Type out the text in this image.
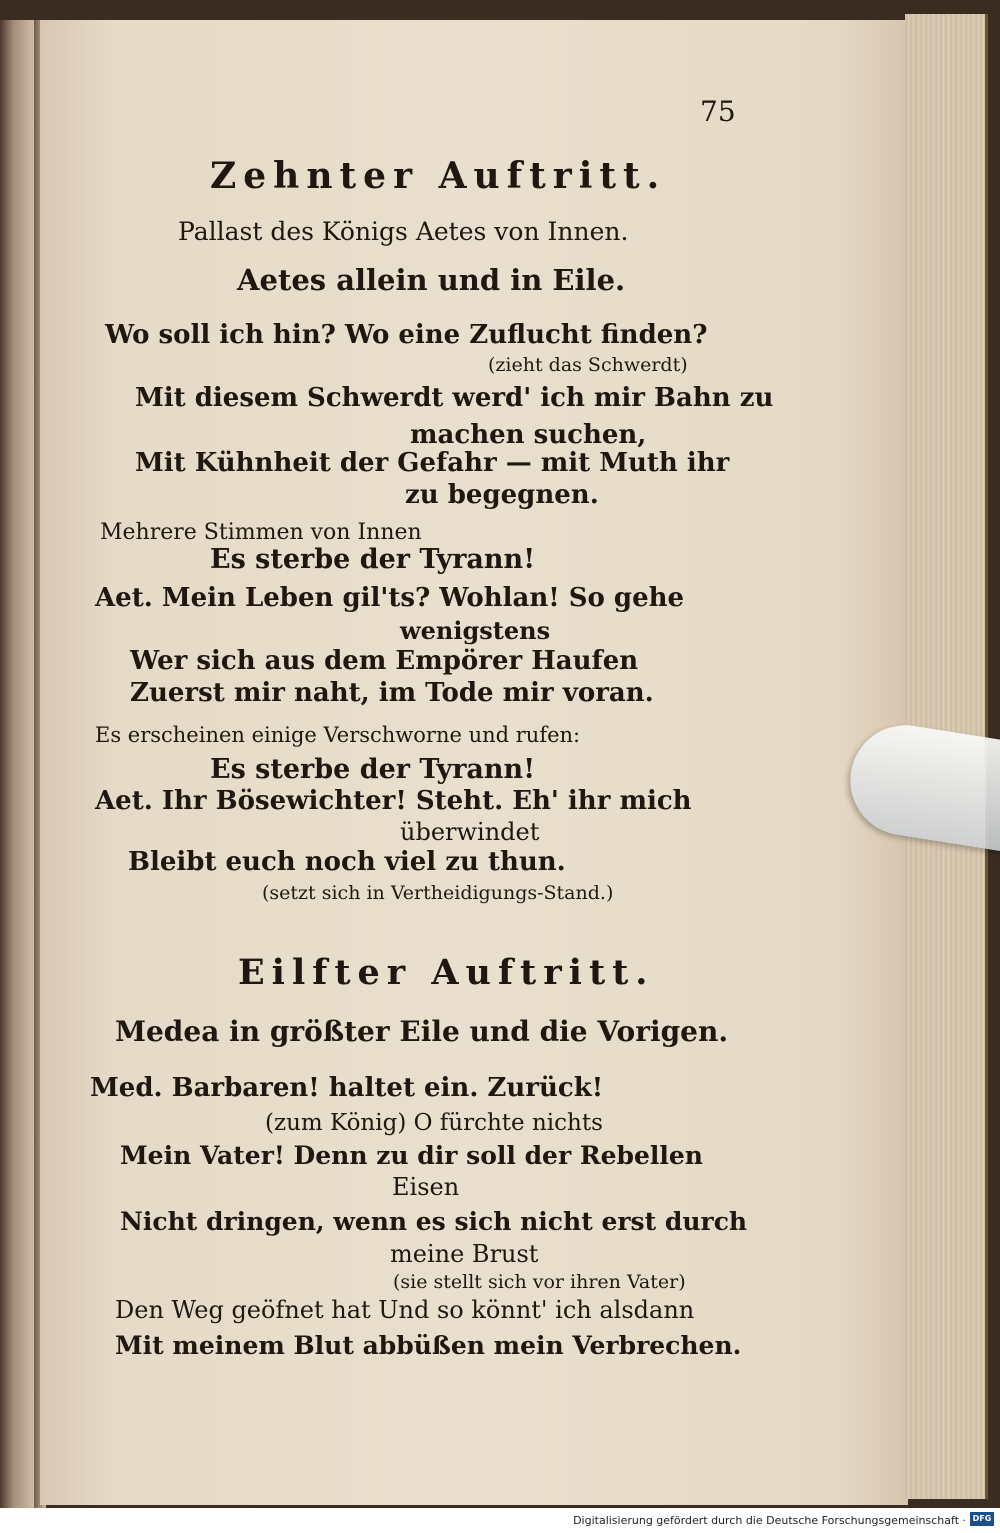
75
Zehnter Auftritt.
Pallast des Königs Aetes von Innen.
Aetes allein und in Eile.
Wo soll ich hin? Wo eine Zuflucht finden?
(zieht das Schwerdt)
Mit diesem Schwerdt werd' ich mir Bahn zu
machen suchen,
Mit Kühnheit der Gefahr — mit Muth ihr
zu begegnen.
Mehrere Stimmen von Innen
Es sterbe der Tyrann!
Aet. Mein Leben gil'ts? Wohlan! So gehe
wenigstens
Wer sich aus dem Empörer Haufen
Zuerst mir naht, im Tode mir voran.
Es erscheinen einige Verschworne und rufen:
Es sterbe der Tyrann!
Aet. Ihr Bösewichter! Steht. Eh' ihr mich
überwindet
Bleibt euch noch viel zu thun.
(setzt sich in Vertheidigungs-Stand.)
Eilfter Auftritt.
Medea in größter Eile und die Vorigen.
Med. Barbaren! haltet ein. Zurück!
(zum König) O fürchte nichts
Mein Vater! Denn zu dir soll der Rebellen
Eisen
Nicht dringen, wenn es sich nicht erst durch
meine Brust
(sie stellt sich vor ihren Vater)
Den Weg geöfnet hat Und so könnt' ich alsdann
Mit meinem Blut abbüßen mein Verbrechen.
Digitalisierung gefördert durch die Deutsche Forschungsgemeinschaft · DFG
